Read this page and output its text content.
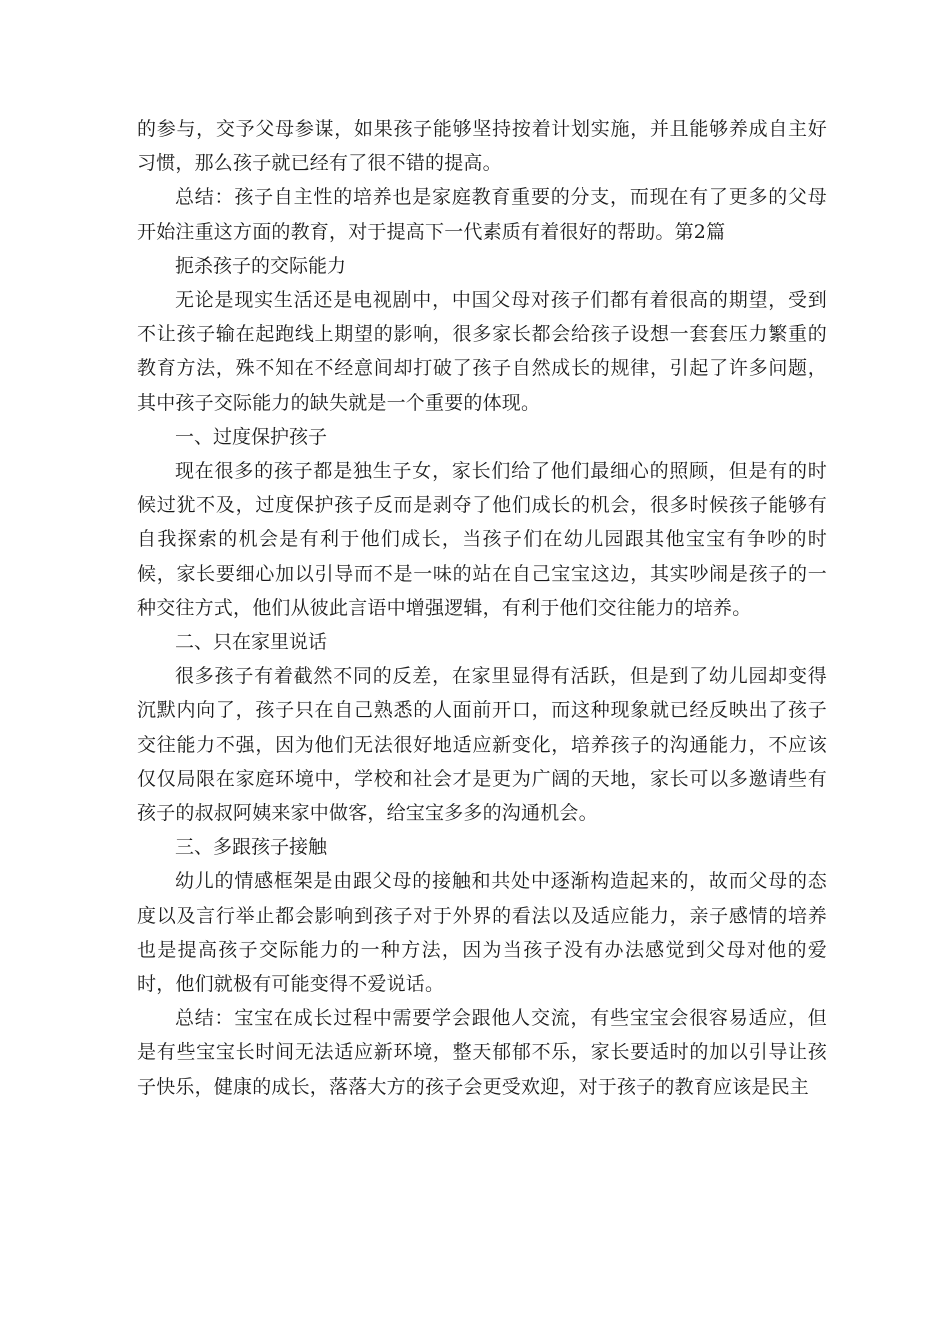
的参与，交予父母参谋，如果孩子能够坚持按着计划实施，并且能够养成自主好习惯，那么孩子就已经有了很不错的提高。

总结：孩子自主性的培养也是家庭教育重要的分支，而现在有了更多的父母开始注重这方面的教育，对于提高下一代素质有着很好的帮助。第2篇

扼杀孩子的交际能力

无论是现实生活还是电视剧中，中国父母对孩子们都有着很高的期望，受到不让孩子输在起跑线上期望的影响，很多家长都会给孩子设想一套套压力繁重的教育方法，殊不知在不经意间却打破了孩子自然成长的规律，引起了许多问题，其中孩子交际能力的缺失就是一个重要的体现。

一、过度保护孩子

现在很多的孩子都是独生子女，家长们给了他们最细心的照顾，但是有的时候过犹不及，过度保护孩子反而是剥夺了他们成长的机会，很多时候孩子能够有自我探索的机会是有利于他们成长，当孩子们在幼儿园跟其他宝宝有争吵的时候，家长要细心加以引导而不是一味的站在自己宝宝这边，其实吵闹是孩子的一种交往方式，他们从彼此言语中增强逻辑，有利于他们交往能力的培养。

二、只在家里说话

很多孩子有着截然不同的反差，在家里显得有活跃，但是到了幼儿园却变得沉默内向了，孩子只在自己熟悉的人面前开口，而这种现象就已经反映出了孩子交往能力不强，因为他们无法很好地适应新变化，培养孩子的沟通能力，不应该仅仅局限在家庭环境中，学校和社会才是更为广阔的天地，家长可以多邀请些有孩子的叔叔阿姨来家中做客，给宝宝多多的沟通机会。

三、多跟孩子接触

幼儿的情感框架是由跟父母的接触和共处中逐渐构造起来的，故而父母的态度以及言行举止都会影响到孩子对于外界的看法以及适应能力，亲子感情的培养也是提高孩子交际能力的一种方法，因为当孩子没有办法感觉到父母对他的爱时，他们就极有可能变得不爱说话。

总结：宝宝在成长过程中需要学会跟他人交流，有些宝宝会很容易适应，但是有些宝宝长时间无法适应新环境，整天郁郁不乐，家长要适时的加以引导让孩子快乐，健康的成长，落落大方的孩子会更受欢迎，对于孩子的教育应该是民主
